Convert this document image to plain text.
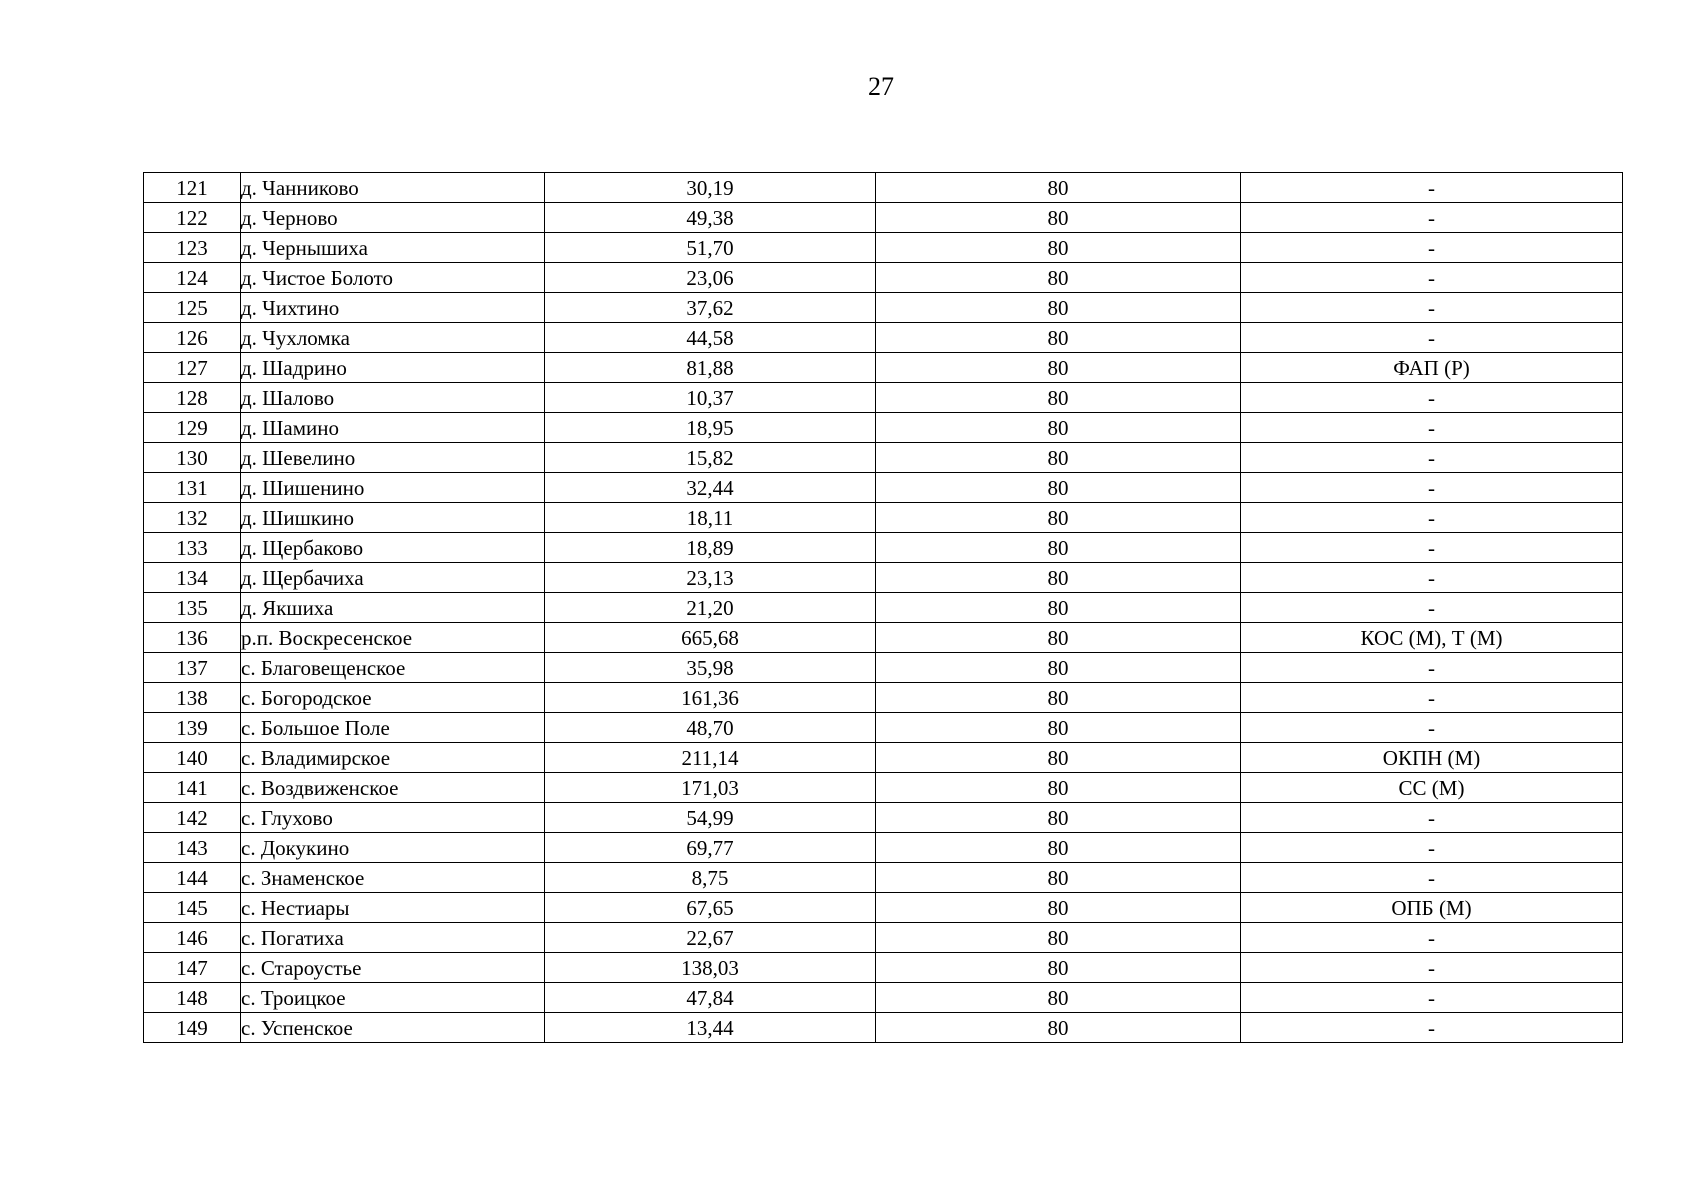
27
121	д. Чанниково	30,19	80	-
122	д. Черново	49,38	80	-
123	д. Чернышиха	51,70	80	-
124	д. Чистое Болото	23,06	80	-
125	д. Чихтино	37,62	80	-
126	д. Чухломка	44,58	80	-
127	д. Шадрино	81,88	80	ФАП (Р)
128	д. Шалово	10,37	80	-
129	д. Шамино	18,95	80	-
130	д. Шевелино	15,82	80	-
131	д. Шишенино	32,44	80	-
132	д. Шишкино	18,11	80	-
133	д. Щербаково	18,89	80	-
134	д. Щербачиха	23,13	80	-
135	д. Якшиха	21,20	80	-
136	р.п. Воскресенское	665,68	80	КОС (М), Т (М)
137	с. Благовещенское	35,98	80	-
138	с. Богородское	161,36	80	-
139	с. Большое Поле	48,70	80	-
140	с. Владимирское	211,14	80	ОКПН (М)
141	с. Воздвиженское	171,03	80	СС (М)
142	с. Глухово	54,99	80	-
143	с. Докукино	69,77	80	-
144	с. Знаменское	8,75	80	-
145	с. Нестиары	67,65	80	ОПБ (М)
146	с. Погатиха	22,67	80	-
147	с. Староустье	138,03	80	-
148	с. Троицкое	47,84	80	-
149	с. Успенское	13,44	80	-
